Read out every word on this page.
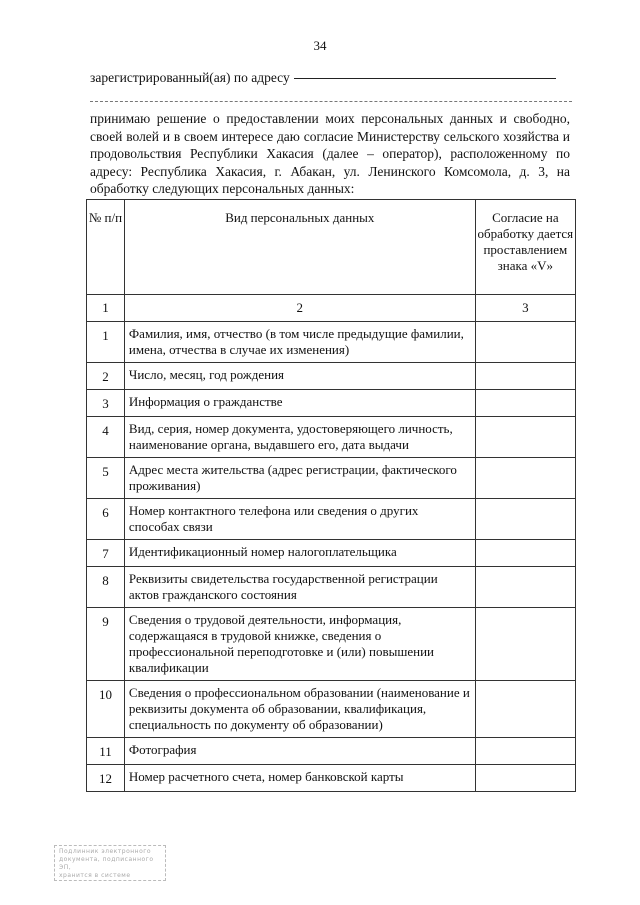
34
зарегистрированный(ая) по адресу
принимаю решение о предоставлении моих персональных данных и свободно, своей волей и в своем интересе даю согласие Министерству сельского хозяйства и продовольствия Республики Хакасия (далее – оператор), расположенному по адресу: Республика Хакасия, г. Абакан, ул. Ленинского Комсомола, д. 3, на обработку следующих персональных данных:
№ п/п	Вид персональных данных	Согласие на обработку дается проставлением знака «V»
1	2	3
1	Фамилия, имя, отчество (в том числе предыдущие фамилии, имена, отчества в случае их изменения)	
2	Число, месяц, год рождения	
3	Информация о гражданстве	
4	Вид, серия, номер документа, удостоверяющего личность, наименование органа, выдавшего его, дата выдачи	
5	Адрес места жительства (адрес регистрации, фактического проживания)	
6	Номер контактного телефона или сведения о других способах связи	
7	Идентификационный номер налогоплательщика	
8	Реквизиты свидетельства государственной регистрации актов гражданского состояния	
9	Сведения о трудовой деятельности, информация, содержащаяся в трудовой книжке, сведения о профессиональной переподготовке и (или) повышении квалификации	
10	Сведения о профессиональном образовании (наименование и реквизиты документа об образовании, квалификация, специальность по документу об образовании)	
11	Фотография	
12	Номер расчетного счета, номер банковской карты	
Подлинник электронного
документа, подписанного ЭП,
хранится в системе
